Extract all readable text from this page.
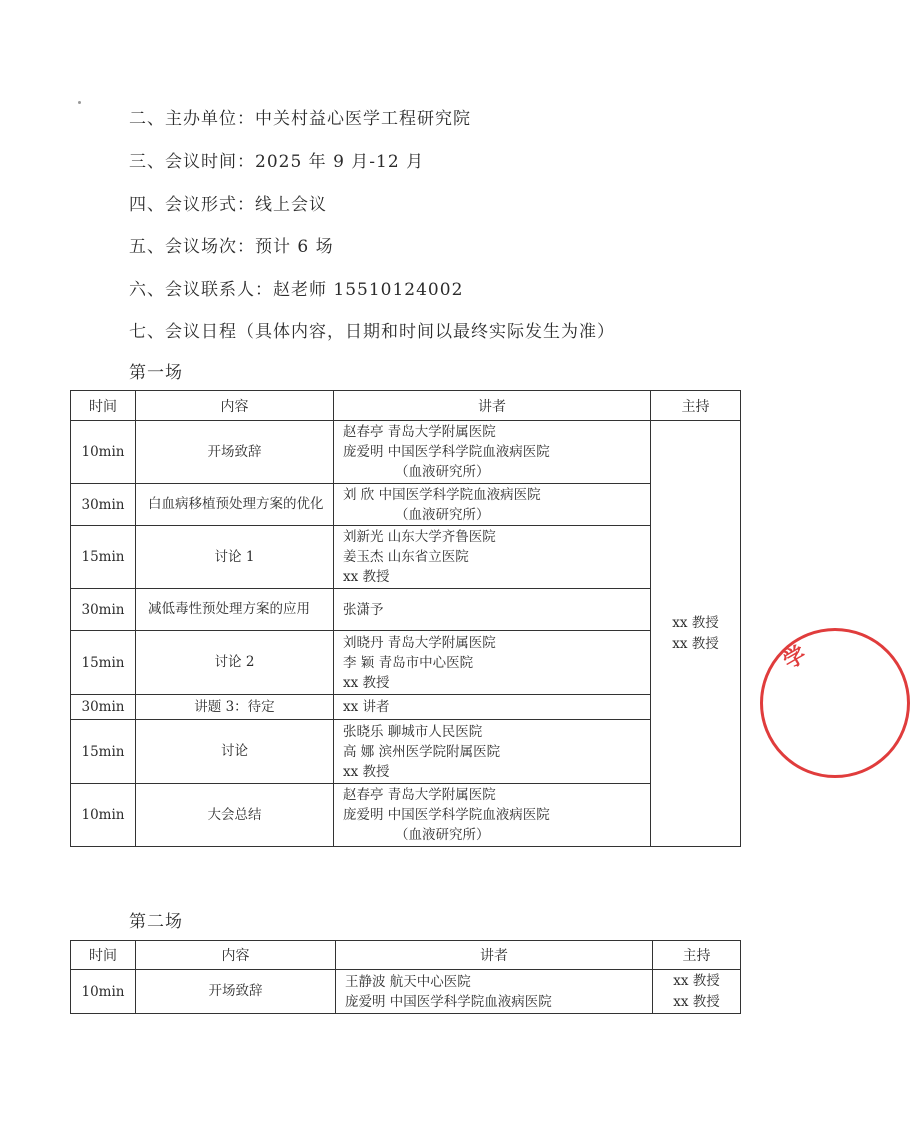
二、主办单位：中关村益心医学工程研究院
三、会议时间：2025 年 9 月-12 月
四、会议形式：线上会议
五、会议场次：预计 6 场
六、会议联系人：赵老师 15510124002
七、会议日程（具体内容，日期和时间以最终实际发生为准）
第一场
时间	内容	讲者	主持
10min	开场致辞	赵春亭 青岛大学附属医院
庞爱明 中国医学科学院血液病医院
（血液研究所）	xx 教授
xx 教授

30min	白血病移植预处理方案的优化	刘 欣 中国医学科学院血液病医院
（血液研究所）	

15min	讨论 1	刘新光 山东大学齐鲁医院
姜玉杰 山东省立医院
xx 教授	

30min	减低毒性预处理方案的应用	张潇予	

15min	讨论 2	刘晓丹 青岛大学附属医院
李 颖 青岛市中心医院
xx 教授	

30min	讲题 3：待定	xx 讲者	

15min	讨论	张晓乐 聊城市人民医院
高 娜 滨州医学院附属医院
xx 教授	

10min	大会总结	赵春亭 青岛大学附属医院
庞爱明 中国医学科学院血液病医院
（血液研究所）	
第二场
时间	内容	讲者	主持
10min	开场致辞	王静波 航天中心医院
庞爱明 中国医学科学院血液病医院	xx 教授
xx 教授
学
